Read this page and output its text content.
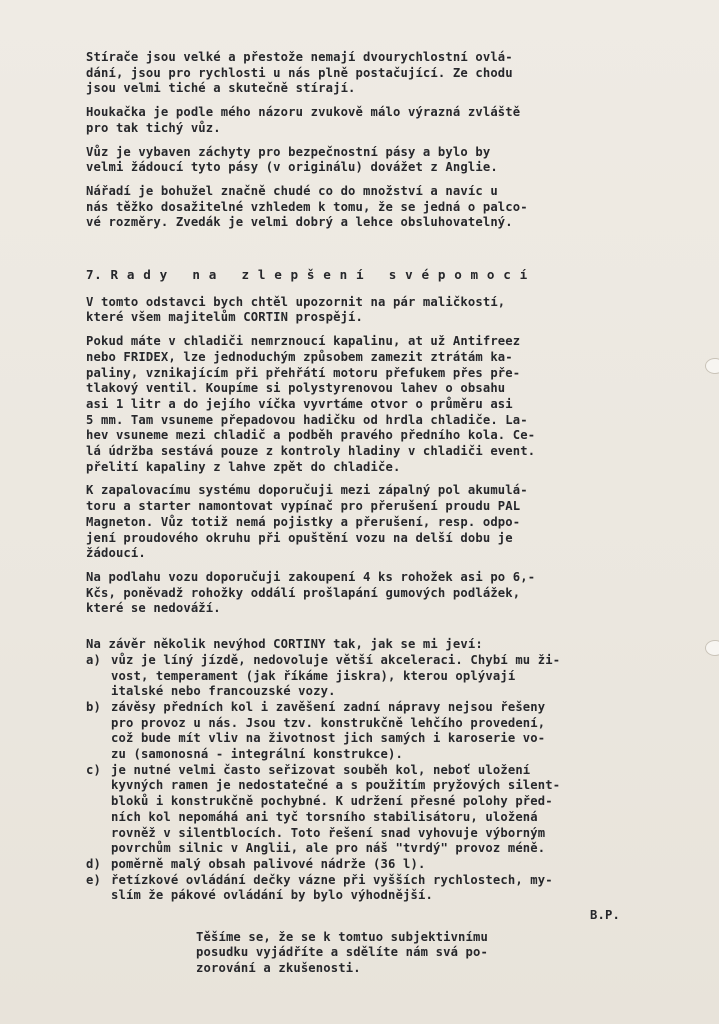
Stírače jsou velké a přestože nemají dvourychlostní ovlá-
dání, jsou pro rychlosti u nás plně postačující. Ze chodu
jsou velmi tiché a skutečně stírají.

Houkačka je podle mého názoru zvukově málo výrazná zvláště
pro tak tichý vůz.

Vůz je vybaven záchyty pro bezpečnostní pásy a bylo by
velmi žádoucí tyto pásy (v originálu) dovážet z Anglie.

Nářadí je bohužel značně chudé co do množství a navíc u
nás těžko dosažitelné vzhledem k tomu, že se jedná o palco-
vé rozměry. Zvedák je velmi dobrý a lehce obsluhovatelný.

7. R a d y   n a   z l e p š e n í   s v é p o m o c í

V tomto odstavci bych chtěl upozornit na pár maličkostí,
které všem majitelům CORTIN prospějí.

Pokud máte v chladiči nemrznoucí kapalinu, at už Antifreez
nebo FRIDEX, lze jednoduchým způsobem zamezit ztrátám ka-
paliny, vznikajícím při přehřátí motoru přefukem přes pře-
tlakový ventil. Koupíme si polystyrenovou lahev o obsahu
asi 1 litr a do jejího víčka vyvrtáme otvor o průměru asi
5 mm. Tam vsuneme přepadovou hadičku od hrdla chladiče. La-
hev vsuneme mezi chladič a podběh pravého předního kola. Ce-
lá údržba sestává pouze z kontroly hladiny v chladiči event.
přelití kapaliny z lahve zpět do chladiče.

K zapalovacímu systému doporučuji mezi zápalný pol akumulá-
toru a starter namontovat vypínač pro přerušení proudu PAL
Magneton. Vůz totiž nemá pojistky a přerušení, resp. odpo-
jení proudového okruhu při opuštění vozu na delší dobu je
žádoucí.

Na podlahu vozu doporučuji zakoupení 4 ks rohožek asi po 6,-
Kčs, poněvadž rohožky oddálí prošlapání gumových podlážek,
které se nedováží.

Na závěr několik nevýhod CORTINY tak, jak se mi jeví:

a) vůz je líný jízdě, nedovoluje větší akceleraci. Chybí mu ži-
vost, temperament (jak říkáme jiskra), kterou oplývají
italské nebo francouzské vozy.
b) závěsy předních kol i zavěšení zadní nápravy nejsou řešeny
pro provoz u nás. Jsou tzv. konstrukčně lehčího provedení,
což bude mít vliv na životnost jich samých i karoserie vo-
zu (samonosná - integrální konstrukce).
c) je nutné velmi často seřizovat souběh kol, neboť uložení
kyvných ramen je nedostatečné a s použitím pryžových silent-
bloků i konstrukčně pochybné. K udržení přesné polohy před-
ních kol nepomáhá ani tyč torsního stabilisátoru, uložená
rovněž v silentblocích. Toto řešení snad vyhovuje výborným
povrchům silnic v Anglii, ale pro náš "tvrdý" provoz méně.
d) poměrně malý obsah palivové nádrže (36 l).
e) řetízkové ovládání dečky vázne při vyšších rychlostech, my-
slím že pákové ovládání by bylo výhodnější.

B.P.

Těšíme se, že se k tomtuo subjektivnímu
posudku vyjádříte a sdělíte nám svá po-
zorování a zkušenosti.
